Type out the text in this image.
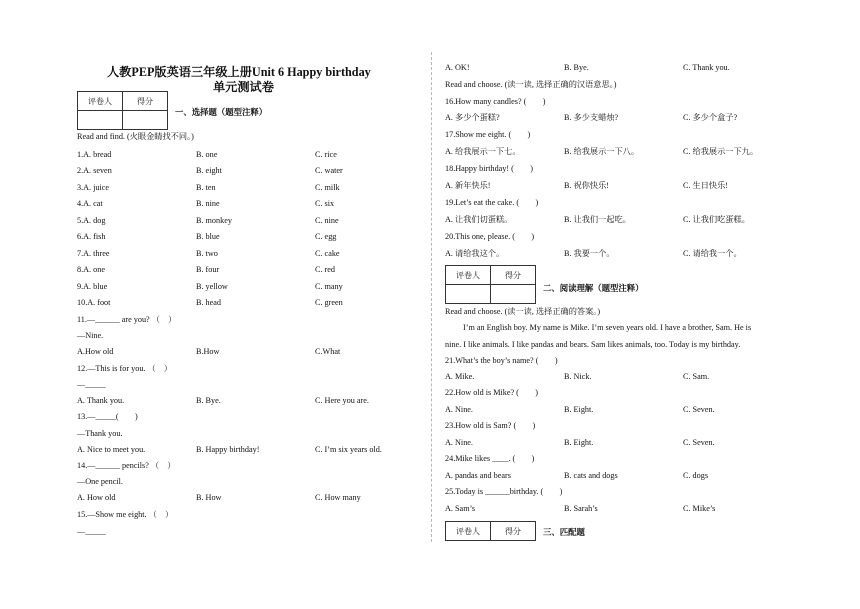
人教PEP版英语三年级上册Unit 6 Happy birthday
单元测试卷
评卷人	得分

一、选择题（题型注释）
Read and find. (火眼金睛找不同。)
1.A. bread	B. one	C. rice
2.A. seven	B. eight	C. water
3.A. juice	B. ten	C. milk
4.A. cat	B. nine	C. six
5.A. dog	B. monkey	C. nine
6.A. fish	B. blue	C. egg
7.A. three	B. two	C. cake
8.A. one	B. four	C. red
9.A. blue	B. yellow	C. many
10.A. foot	B. head	C. green
11.—______ are you? （　）
—Nine.
A.How old	B.How	C.What
12.—This is for you. （　）
—_____
A. Thank you.	B. Bye.	C. Here you are.
13.—_____(　　)
—Thank you.
A. Nice to meet you.	B. Happy birthday!	C. I’m six years old.
14.—______ pencils? （　）
—One pencil.
A. How old	B. How	C. How many
15.—Show me eight. （　）
—_____
A. OK!	B. Bye.	C. Thank you.
Read and choose. (读一读, 选择正确的汉语意思。)
16.How many candles? (　　)
A. 多少个蛋糕?	B. 多少支蜡烛?	C. 多少个盒子?
17.Show me eight. (　　)
A. 给我展示一下七。	B. 给我展示一下八。	C. 给我展示一下九。
18.Happy birthday! (　　)
A. 新年快乐!	B. 祝你快乐!	C. 生日快乐!
19.Let’s eat the cake. (　　)
A. 让我们切蛋糕。	B. 让我们一起吃。	C. 让我们吃蛋糕。
20.This one, please. (　　)
A. 请给我这个。	B. 我要一个。	C. 请给我一个。
评卷人	得分

二、阅读理解（题型注释）
Read and choose. (读一读, 选择正确的答案。)
I’m an English boy. My name is Mike. I’m seven years old. I have a brother, Sam. He is
nine. I like animals. I like pandas and bears. Sam likes animals, too. Today is my birthday.
21.What’s the boy’s name? (　　)
A. Mike.	B. Nick.	C. Sam.
22.How old is Mike? (　　)
A. Nine.	B. Eight.	C. Seven.
23.How old is Sam? (　　)
A. Nine.	B. Eight.	C. Seven.
24.Mike likes ____. (　　)
A. pandas and bears	B. cats and dogs	C. dogs
25.Today is ______birthday. (　　)
A. Sam’s	B. Sarah’s	C. Mike’s
评卷人	得分	三、匹配题
